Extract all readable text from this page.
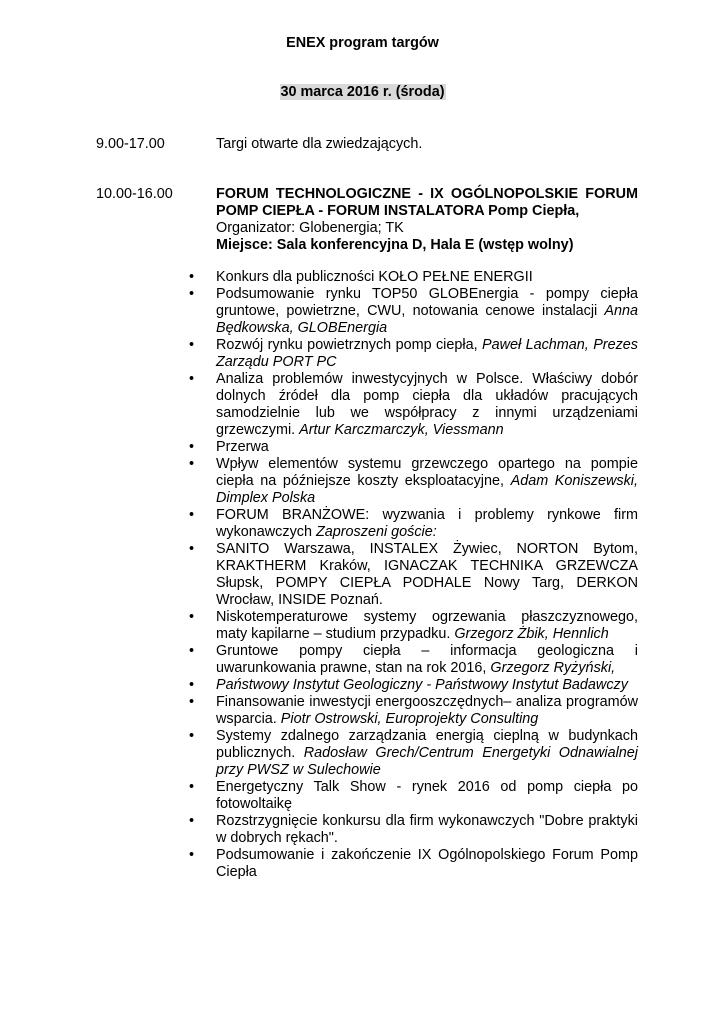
ENEX program targów
30 marca 2016 r. (środa)
9.00-17.00	Targi otwarte dla zwiedzających.
10.00-16.00	FORUM TECHNOLOGICZNE - IX OGÓLNOPOLSKIE FORUM POMP CIEPŁA - FORUM INSTALATORA Pomp Ciepła,
Organizator: Globenergia; TK
Miejsce: Sala konferencyjna D, Hala E (wstęp wolny)
• Konkurs dla publiczności KOŁO PEŁNE ENERGII
• Podsumowanie rynku TOP50 GLOBEnergia - pompy ciepła gruntowe, powietrzne, CWU, notowania cenowe instalacji Anna Będkowska, GLOBEnergia
• Rozwój rynku powietrznych pomp ciepła, Paweł Lachman, Prezes Zarządu PORT PC
• Analiza problemów inwestycyjnych w Polsce. Właściwy dobór dolnych źródeł dla pomp ciepła dla układów pracujących samodzielnie lub we współpracy z innymi urządzeniami grzewczymi. Artur Karczmarczyk, Viessmann
• Przerwa
• Wpływ elementów systemu grzewczego opartego na pompie ciepła na późniejsze koszty eksploatacyjne, Adam Koniszewski, Dimplex Polska
• FORUM BRANŻOWE: wyzwania i problemy rynkowe firm wykonawczych Zaproszeni goście:
• SANITO Warszawa, INSTALEX Żywiec, NORTON Bytom, KRAKTHERM Kraków, IGNACZAK TECHNIKA GRZEWCZA Słupsk, POMPY CIEPŁA PODHALE Nowy Targ, DERKON Wrocław, INSIDE Poznań.
• Niskotemperaturowe systemy ogrzewania płaszczyznowego, maty kapilarne – studium przypadku. Grzegorz Żbik, Hennlich
• Gruntowe pompy ciepła – informacja geologiczna i uwarunkowania prawne, stan na rok 2016, Grzegorz Ryżyński,
• Państwowy Instytut Geologiczny - Państwowy Instytut Badawczy
• Finansowanie inwestycji energooszczędnych– analiza programów wsparcia. Piotr Ostrowski, Europrojekty Consulting
• Systemy zdalnego zarządzania energią cieplną w budynkach publicznych. Radosław Grech/Centrum Energetyki Odnawialnej przy PWSZ w Sulechowie
• Energetyczny Talk Show - rynek 2016 od pomp ciepła po fotowoltaikę
• Rozstrzygnięcie konkursu dla firm wykonawczych "Dobre praktyki w dobrych rękach".
• Podsumowanie i zakończenie IX Ogólnopolskiego Forum Pomp Ciepła
